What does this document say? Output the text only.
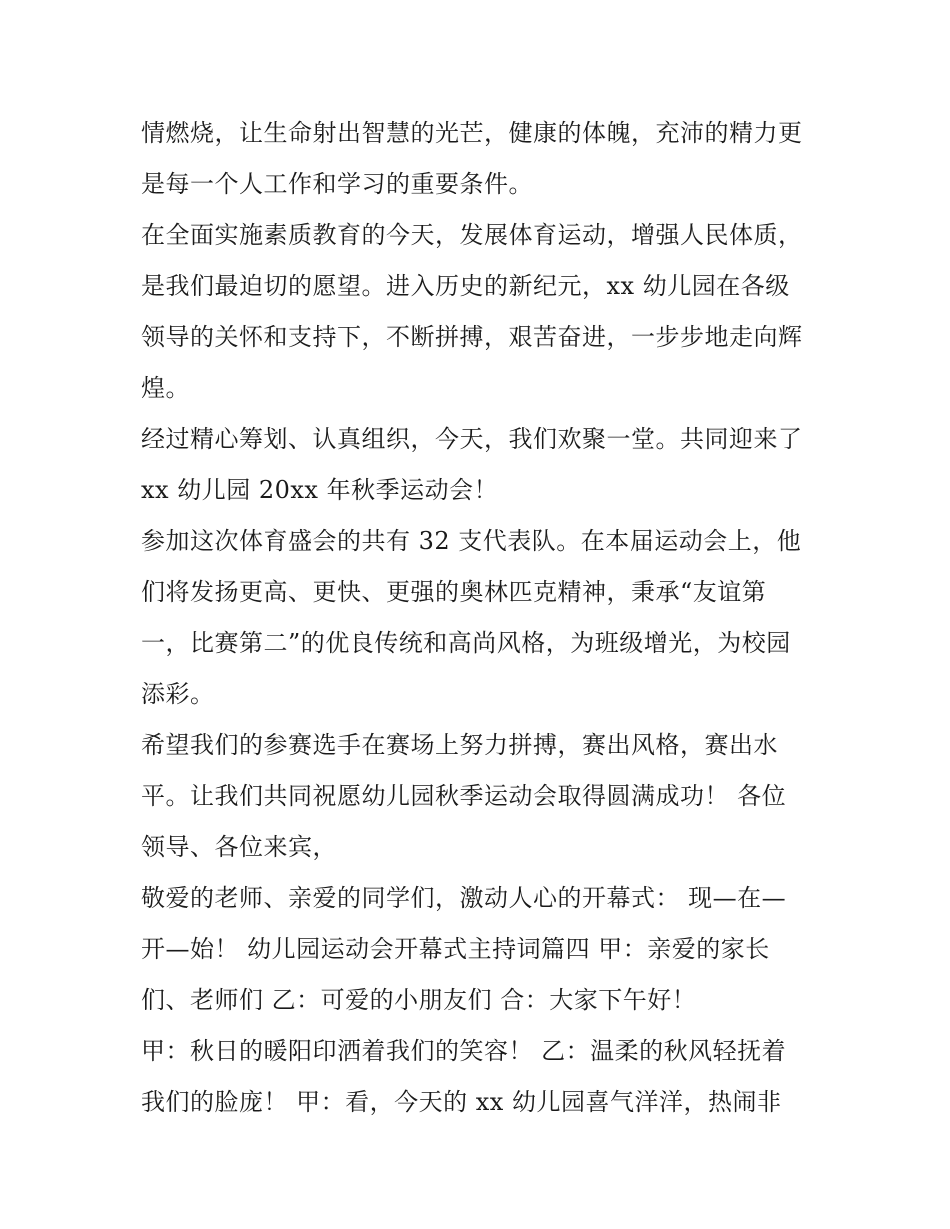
情燃烧，让生命射出智慧的光芒，健康的体魄，充沛的精力更
是每一个人工作和学习的重要条件。
在全面实施素质教育的今天，发展体育运动，增强人民体质，
是我们最迫切的愿望。进入历史的新纪元，xx 幼儿园在各级
领导的关怀和支持下，不断拼搏，艰苦奋进，一步步地走向辉
煌。
经过精心筹划、认真组织，今天，我们欢聚一堂。共同迎来了
xx 幼儿园 20xx 年秋季运动会！
参加这次体育盛会的共有 32 支代表队。在本届运动会上，他
们将发扬更高、更快、更强的奥林匹克精神，秉承“友谊第
一，比赛第二”的优良传统和高尚风格，为班级增光，为校园
添彩。
希望我们的参赛选手在赛场上努力拼搏，赛出风格，赛出水
平。让我们共同祝愿幼儿园秋季运动会取得圆满成功！ 各位
领导、各位来宾，
敬爱的老师、亲爱的同学们，激动人心的开幕式： 现—在—
开—始！ 幼儿园运动会开幕式主持词篇四 甲：亲爱的家长
们、老师们 乙：可爱的小朋友们 合：大家下午好！
甲：秋日的暖阳印洒着我们的笑容！ 乙：温柔的秋风轻抚着
我们的脸庞！ 甲：看，今天的 xx 幼儿园喜气洋洋，热闹非
